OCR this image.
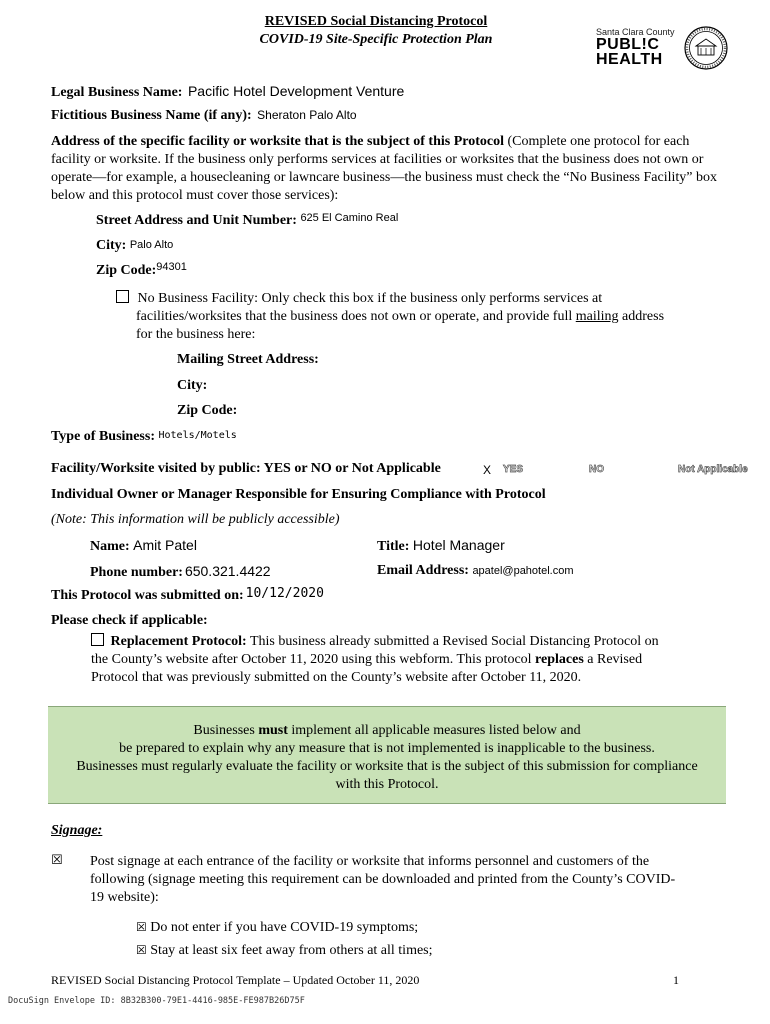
REVISED Social Distancing Protocol
COVID-19 Site-Specific Protection Plan	Santa Clara County
PUBL!C
HEALTH
Legal Business Name: Pacific Hotel Development Venture
Fictitious Business Name (if any): Sheraton Palo Alto
Address of the specific facility or worksite that is the subject of this Protocol (Complete one protocol for each facility or worksite. If the business only performs services at facilities or worksites that the business does not own or operate—for example, a housecleaning or lawncare business—the business must check the “No Business Facility” box below and this protocol must cover those services):
Street Address and Unit Number: $^{625 El Camino Real}$
City: Palo Alto
Zip Code:$^{94301}$
No Business Facility: Only check this box if the business only performs services at
facilities/worksites that the business does not own or operate, and provide full mailing address
for the business here:
Mailing Street Address:
City:
Zip Code:
Type of Business: Hotels/Motels
Facility/Worksite visited by public: YES or NO or Not Applicable	X YES	NO	Not Applicable
Individual Owner or Manager Responsible for Ensuring Compliance with Protocol
(Note: This information will be publicly accessible)
Name: Amit Patel	Title: Hotel Manager
Phone number: 650.321.4422	Email Address: apatel@pahotel.com
This Protocol was submitted on: 10/12/2020
Please check if applicable:
Replacement Protocol: This business already submitted a Revised Social Distancing Protocol on
the County’s website after October 11, 2020 using this webform. This protocol replaces a Revised
Protocol that was previously submitted on the County’s website after October 11, 2020.
Businesses must implement all applicable measures listed below and
be prepared to explain why any measure that is not implemented is inapplicable to the business.
Businesses must regularly evaluate the facility or worksite that is the subject of this submission for compliance
with this Protocol.
Signage:
☒ Post signage at each entrance of the facility or worksite that informs personnel and customers of the
following (signage meeting this requirement can be downloaded and printed from the County’s COVID-
19 website):
☒ Do not enter if you have COVID-19 symptoms;
☒ Stay at least six feet away from others at all times;
REVISED Social Distancing Protocol Template – Updated October 11, 2020	1
DocuSign Envelope ID: 8B32B300-79E1-4416-985E-FE987B26D75F
